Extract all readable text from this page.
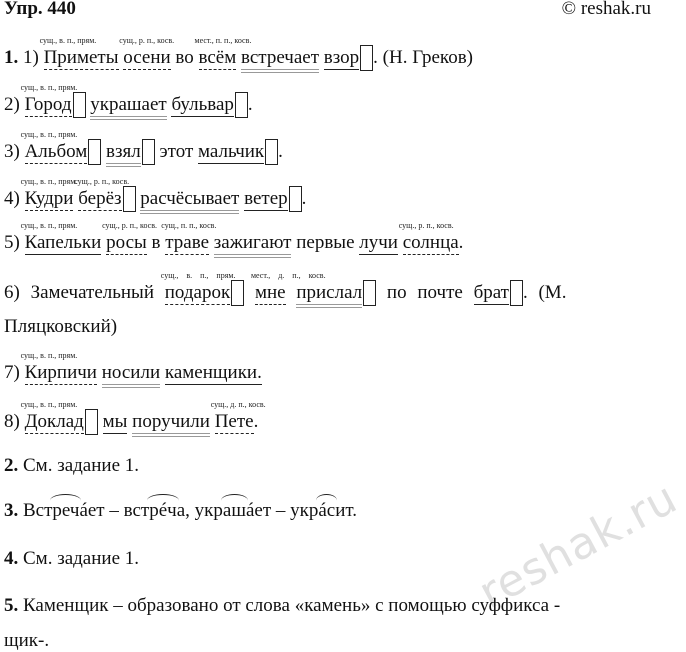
Упр. 440	© reshak.ru
reshak.ru
1. 1) Приметы
сущ., в. п., прям.
осени
сущ., р. п., косв.
во всём
мест., п. п., косв.
встречает взор . (Н. Греков)
2) Город
сущ., в. п., прям.
украшает бульвар .
3) Альбом
сущ., в. п., прям.
взял этот мальчик .
4) Кудри
сущ., в. п., прям.
берёз
сущ., р. п., косв.
расчёсывает ветер .
5) Капельки
сущ., в. п., прям.
росы
сущ., р. п., косв.
в траве
сущ., п. п., косв.
зажигают первые лучи солнца
сущ., р. п., косв.
.
6) Замечательный подарок
сущ., в. п., прям.
мне
мест., д. п., косв.
прислал по почте брат . (М.
Пляцковский)
7) Кирпичи
сущ., в. п., прям.
носили каменщики.
8) Доклад
сущ., в. п., прям.
мы поручили Пете
сущ., д. п., косв.
.
2. См. задание 1.
3. Встречáет – встрéча, украшáет – укрáсит.
4. См. задание 1.
5. Каменщик – образовано от слова «камень» с помощью суффикса -
щик-.
